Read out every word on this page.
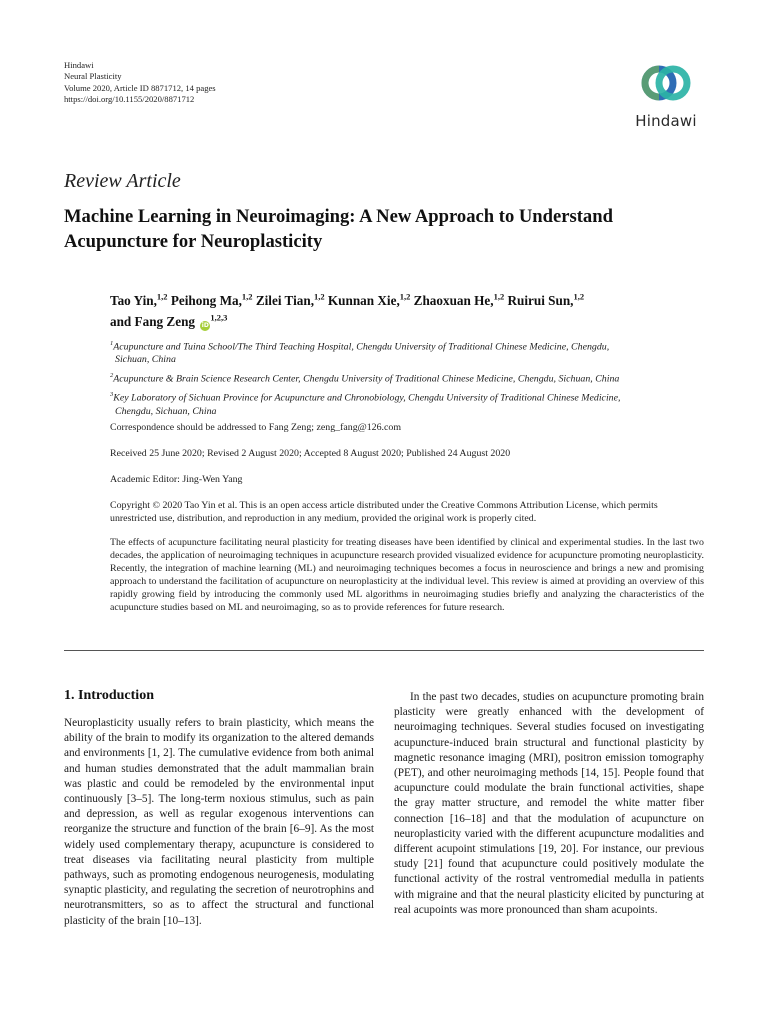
Hindawi
Neural Plasticity
Volume 2020, Article ID 8871712, 14 pages
https://doi.org/10.1155/2020/8871712
Hindawi
Review Article
Machine Learning in Neuroimaging: A New Approach to Understand Acupuncture for Neuroplasticity
Tao Yin,$^{1,2}$ Peihong Ma,$^{1,2}$ Zilei Tian,$^{1,2}$ Kunnan Xie,$^{1,2}$ Zhaoxuan He,$^{1,2}$ Ruirui Sun,$^{1,2}$
and Fang Zeng iD$^{1,2,3}$
$^1$Acupuncture and Tuina School/The Third Teaching Hospital, Chengdu University of Traditional Chinese Medicine, Chengdu,
Sichuan, China
$^2$Acupuncture & Brain Science Research Center, Chengdu University of Traditional Chinese Medicine, Chengdu, Sichuan, China
$^3$Key Laboratory of Sichuan Province for Acupuncture and Chronobiology, Chengdu University of Traditional Chinese Medicine,
Chengdu, Sichuan, China
Correspondence should be addressed to Fang Zeng; zeng_fang@126.com
Received 25 June 2020; Revised 2 August 2020; Accepted 8 August 2020; Published 24 August 2020
Academic Editor: Jing-Wen Yang
Copyright © 2020 Tao Yin et al. This is an open access article distributed under the Creative Commons Attribution License, which permits unrestricted use, distribution, and reproduction in any medium, provided the original work is properly cited.
The effects of acupuncture facilitating neural plasticity for treating diseases have been identified by clinical and experimental studies. In the last two decades, the application of neuroimaging techniques in acupuncture research provided visualized evidence for acupuncture promoting neuroplasticity. Recently, the integration of machine learning (ML) and neuroimaging techniques becomes a focus in neuroscience and brings a new and promising approach to understand the facilitation of acupuncture on neuroplasticity at the individual level. This review is aimed at providing an overview of this rapidly growing field by introducing the commonly used ML algorithms in neuroimaging studies briefly and analyzing the characteristics of the acupuncture studies based on ML and neuroimaging, so as to provide references for future research.
1. Introduction

Neuroplasticity usually refers to brain plasticity, which means the ability of the brain to modify its organization to the altered demands and environments [1, 2]. The cumulative evidence from both animal and human studies demonstrated that the adult mammalian brain was plastic and could be remodeled by the environmental input continuously [3–5]. The long-term noxious stimulus, such as pain and depression, as well as regular exogenous interventions can reorganize the structure and function of the brain [6–9]. As the most widely used complementary therapy, acupuncture is considered to treat diseases via facilitating neural plasticity from multiple pathways, such as promoting endogenous neurogenesis, modulating synaptic plasticity, and regulating the secretion of neurotrophins and neurotransmitters, so as to affect the structural and functional plasticity of the brain [10–13].

In the past two decades, studies on acupuncture promoting brain plasticity were greatly enhanced with the development of neuroimaging techniques. Several studies focused on investigating acupuncture-induced brain structural and functional plasticity by magnetic resonance imaging (MRI), positron emission tomography (PET), and other neuroimaging methods [14, 15]. People found that acupuncture could modulate the brain functional activities, shape the gray matter structure, and remodel the white matter fiber connection [16–18] and that the modulation of acupuncture on neuroplasticity varied with the different acupuncture modalities and different acupoint stimulations [19, 20]. For instance, our previous study [21] found that acupuncture could positively modulate the functional activity of the rostral ventromedial medulla in patients with migraine and that the neural plasticity elicited by puncturing at real acupoints was more pronounced than sham acupoints.
